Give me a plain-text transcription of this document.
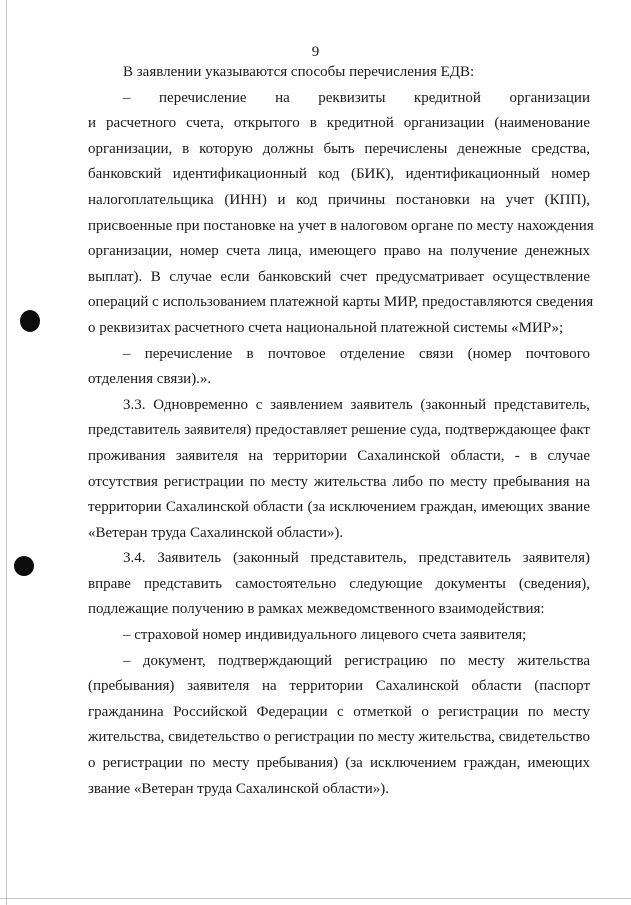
9
В заявлении указываются способы перечисления ЕДВ:
– перечисление на реквизиты кредитной организации
и расчетного счета, открытого в кредитной организации (наименование
организации, в которую должны быть перечислены денежные средства,
банковский идентификационный код (БИК), идентификационный номер
налогоплательщика (ИНН) и код причины постановки на учет (КПП),
присвоенные при постановке на учет в налоговом органе по месту нахождения
организации, номер счета лица, имеющего право на получение денежных
выплат). В случае если банковский счет предусматривает осуществление
операций с использованием платежной карты МИР, предоставляются сведения
о реквизитах расчетного счета национальной платежной системы «МИР»;
– перечисление в почтовое отделение связи (номер почтового
отделения связи).».
3.3. Одновременно с заявлением заявитель (законный представитель,
представитель заявителя) предоставляет решение суда, подтверждающее факт
проживания заявителя на территории Сахалинской области, - в случае
отсутствия регистрации по месту жительства либо по месту пребывания на
территории Сахалинской области (за исключением граждан, имеющих звание
«Ветеран труда Сахалинской области»).
3.4. Заявитель (законный представитель, представитель заявителя)
вправе представить самостоятельно следующие документы (сведения),
подлежащие получению в рамках межведомственного взаимодействия:
– страховой номер индивидуального лицевого счета заявителя;
– документ, подтверждающий регистрацию по месту жительства
(пребывания) заявителя на территории Сахалинской области (паспорт
гражданина Российской Федерации с отметкой о регистрации по месту
жительства, свидетельство о регистрации по месту жительства, свидетельство
о регистрации по месту пребывания) (за исключением граждан, имеющих
звание «Ветеран труда Сахалинской области»).
